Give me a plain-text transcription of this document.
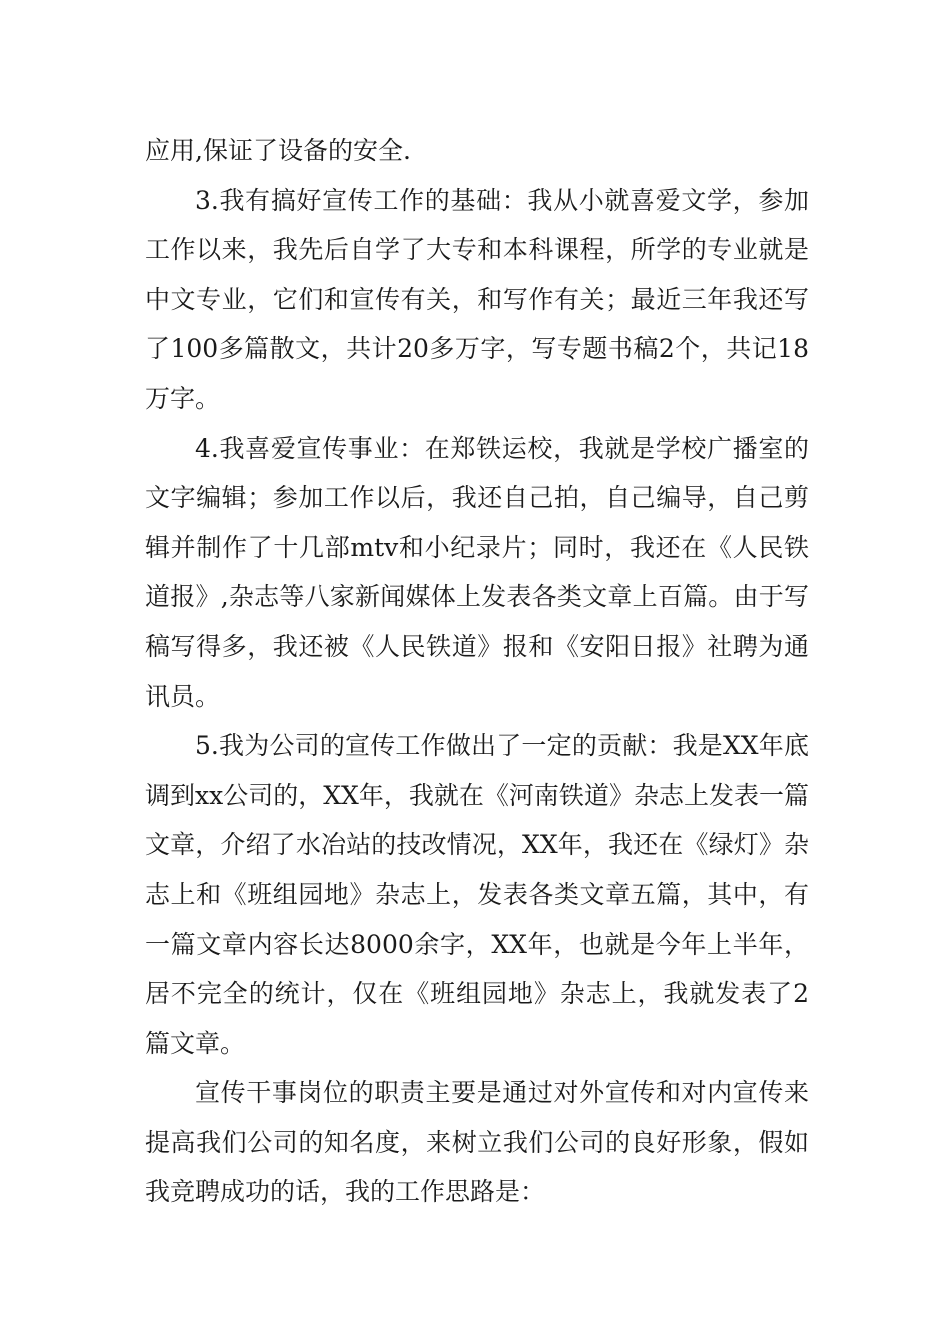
应用,保证了设备的安全.

3.我有搞好宣传工作的基础：我从小就喜爱文学，参加工作以来，我先后自学了大专和本科课程，所学的专业就是中文专业，它们和宣传有关，和写作有关；最近三年我还写了100多篇散文，共计20多万字，写专题书稿2个，共记18万字。

4.我喜爱宣传事业：在郑铁运校，我就是学校广播室的文字编辑；参加工作以后，我还自己拍，自己编导，自己剪辑并制作了十几部mtv和小纪录片；同时，我还在《人民铁道报》,杂志等八家新闻媒体上发表各类文章上百篇。由于写稿写得多，我还被《人民铁道》报和《安阳日报》社聘为通讯员。

5.我为公司的宣传工作做出了一定的贡献：我是XX年底调到xx公司的，XX年，我就在《河南铁道》杂志上发表一篇文章，介绍了水冶站的技改情况，XX年，我还在《绿灯》杂志上和《班组园地》杂志上，发表各类文章五篇，其中，有一篇文章内容长达8000余字，XX年，也就是今年上半年，居不完全的统计，仅在《班组园地》杂志上，我就发表了2篇文章。

宣传干事岗位的职责主要是通过对外宣传和对内宣传来提高我们公司的知名度，来树立我们公司的良好形象，假如我竞聘成功的话，我的工作思路是：
